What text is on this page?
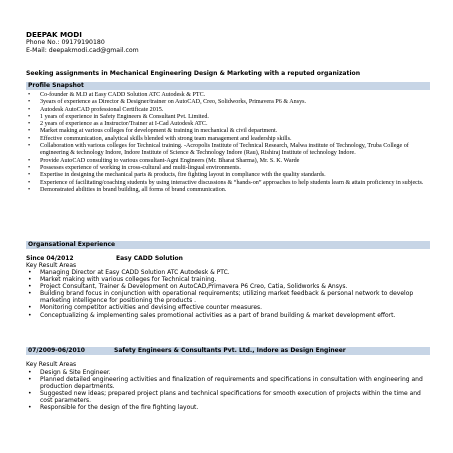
DEEPAK MODI
Phone No.: 09179190180
E-Mail: deepakmodi.cad@gmail.com
Seeking assignments in Mechanical Engineering Design & Marketing with a reputed organization
Profile Snapshot
• Co-founder & M.D at Easy CADD Solution ATC Autodesk & PTC.
• 3years of experience as Director & Designer/trainer on AutoCAD, Creo, Solidworks, Primavera P6 & Ansys.
• Autodesk AutoCAD professional Certificate 2015.
• 1 years of experience in Safety Engineers & Consultant Pvt. Limited.
• 2 years of experience as a Instructor/Trainer at I-Cad Autodesk ATC.
• Market making at various colleges for development & training in mechanical & civil department.
• Effective communication, analytical skills blended with strong team management and leadership skills.
• Collaboration with various colleges for Technical training. -Acropolis Institute of Technical Research, Malwa institute of Technology, Truba College of engineering & technology Indore, Indore Institute of Science & Technology Indore (Rau), Rishiraj Institute of technology Indore.
• Provide AutoCAD consulting to various consultant-Agni Engineers (Mr. Bharat Sharma), Mr. S. K. Warde
• Possesses experience of working in cross-cultural and multi-lingual environments.
• Expertise in designing the mechanical parts & products, fire fighting layout in compliance with the quality standards.
• Experience of facilitating/coaching students by using interactive discussions & “hands-on” approaches to help students learn & attain proficiency in subjects.
• Demonstrated abilities in brand building, all forms of brand communication.
Organsational Experience
Since 04/2012	Easy CADD Solution
Key Result Areas
• Managing Director at Easy CADD Solution ATC Autodesk & PTC.
• Market making with various colleges for Technical training.
• Project Consultant, Trainer & Development on AutoCAD,Primavera P6 Creo, Catia, Solidworks & Ansys.
• Building brand focus in conjunction with operational requirements; utilizing market feedback & personal network to develop marketing intelligence for positioning the products .
• Monitoring competitor activities and devising effective counter measures.
• Conceptualizing & implementing sales promotional activities as a part of brand building & market development effort.
07/2009-06/2010	Safety Engineers & Consultants Pvt. Ltd., Indore as Design Engineer
Key Result Areas
• Design & Site Engineer.
• Planned detailed engineering activities and finalization of requirements and specifications in consultation with engineering and production departments.
• Suggested new ideas; prepared project plans and technical specifications for smooth execution of projects within the time and cost parameters.
• Responsible for the design of the fire fighting layout.
